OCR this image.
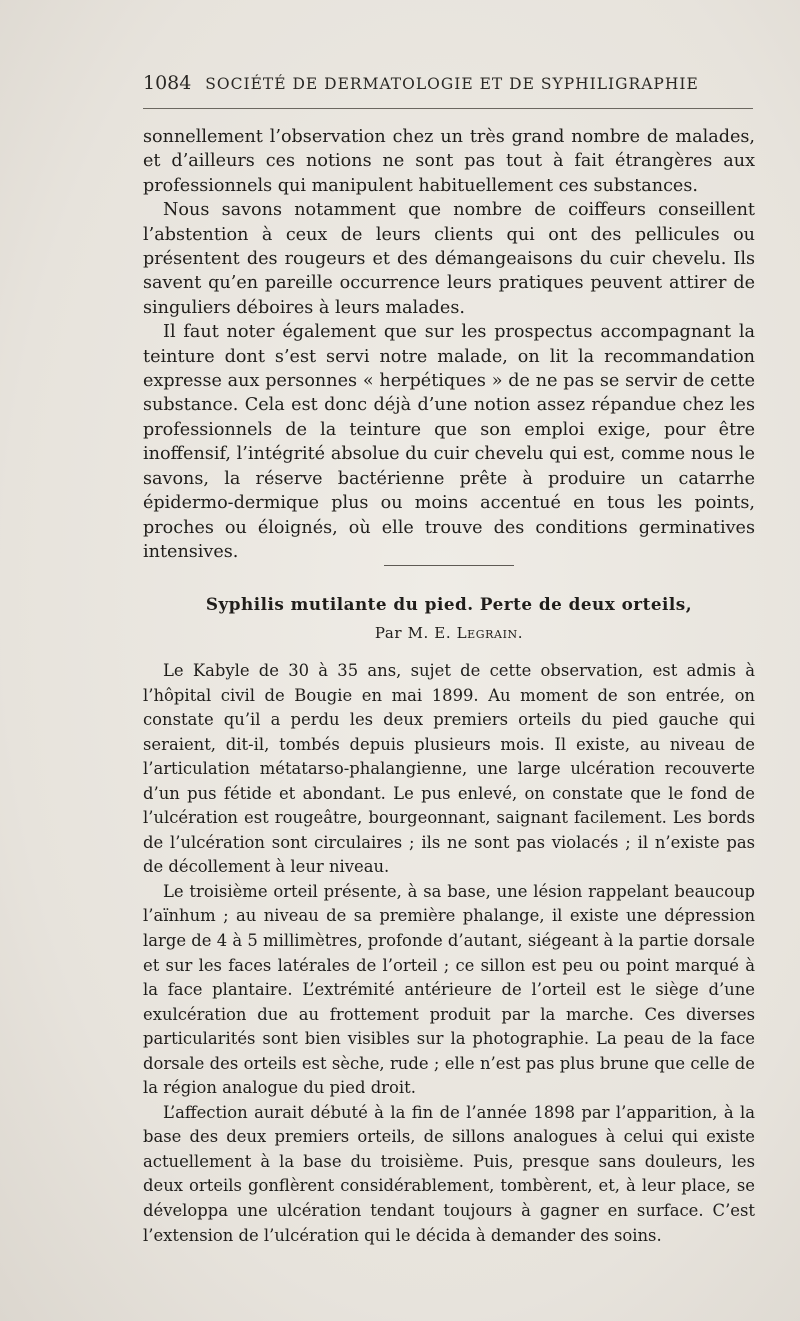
1084 SOCIÉTÉ DE DERMATOLOGIE ET DE SYPHILIGRAPHIE

sonnellement l’observation chez un très grand nombre de malades, et d’ailleurs ces notions ne sont pas tout à fait étrangères aux professionnels qui manipulent habituellement ces substances.

Nous savons notamment que nombre de coiffeurs conseillent l’abstention à ceux de leurs clients qui ont des pellicules ou présentent des rougeurs et des démangeaisons du cuir chevelu. Ils savent qu’en pareille occurrence leurs pratiques peuvent attirer de singuliers déboires à leurs malades.

Il faut noter également que sur les prospectus accompagnant la teinture dont s’est servi notre malade, on lit la recommandation expresse aux personnes « herpétiques » de ne pas se servir de cette substance. Cela est donc déjà d’une notion assez répandue chez les professionnels de la teinture que son emploi exige, pour être inoffensif, l’intégrité absolue du cuir chevelu qui est, comme nous le savons, la réserve bactérienne prête à produire un catarrhe épidermo-dermique plus ou moins accentué en tous les points, proches ou éloignés, où elle trouve des conditions germinatives intensives.

Syphilis mutilante du pied. Perte de deux orteils,
Par M. E. Legrain.

Le Kabyle de 30 à 35 ans, sujet de cette observation, est admis à l’hôpital civil de Bougie en mai 1899. Au moment de son entrée, on constate qu’il a perdu les deux premiers orteils du pied gauche qui seraient, dit-il, tombés depuis plusieurs mois. Il existe, au niveau de l’articulation métatarso-phalangienne, une large ulcération recouverte d’un pus fétide et abondant. Le pus enlevé, on constate que le fond de l’ulcération est rougeâtre, bourgeonnant, saignant facilement. Les bords de l’ulcération sont circulaires ; ils ne sont pas violacés ; il n’existe pas de décollement à leur niveau.

Le troisième orteil présente, à sa base, une lésion rappelant beaucoup l’aïnhum ; au niveau de sa première phalange, il existe une dépression large de 4 à 5 millimètres, profonde d’autant, siégeant à la partie dorsale et sur les faces latérales de l’orteil ; ce sillon est peu ou point marqué à la face plantaire. L’extrémité antérieure de l’orteil est le siège d’une exulcération due au frottement produit par la marche. Ces diverses particularités sont bien visibles sur la photographie. La peau de la face dorsale des orteils est sèche, rude ; elle n’est pas plus brune que celle de la région analogue du pied droit.

L’affection aurait débuté à la fin de l’année 1898 par l’apparition, à la base des deux premiers orteils, de sillons analogues à celui qui existe actuellement à la base du troisième. Puis, presque sans douleurs, les deux orteils gonflèrent considérablement, tombèrent, et, à leur place, se développa une ulcération tendant toujours à gagner en surface. C’est l’extension de l’ulcération qui le décida à demander des soins.
